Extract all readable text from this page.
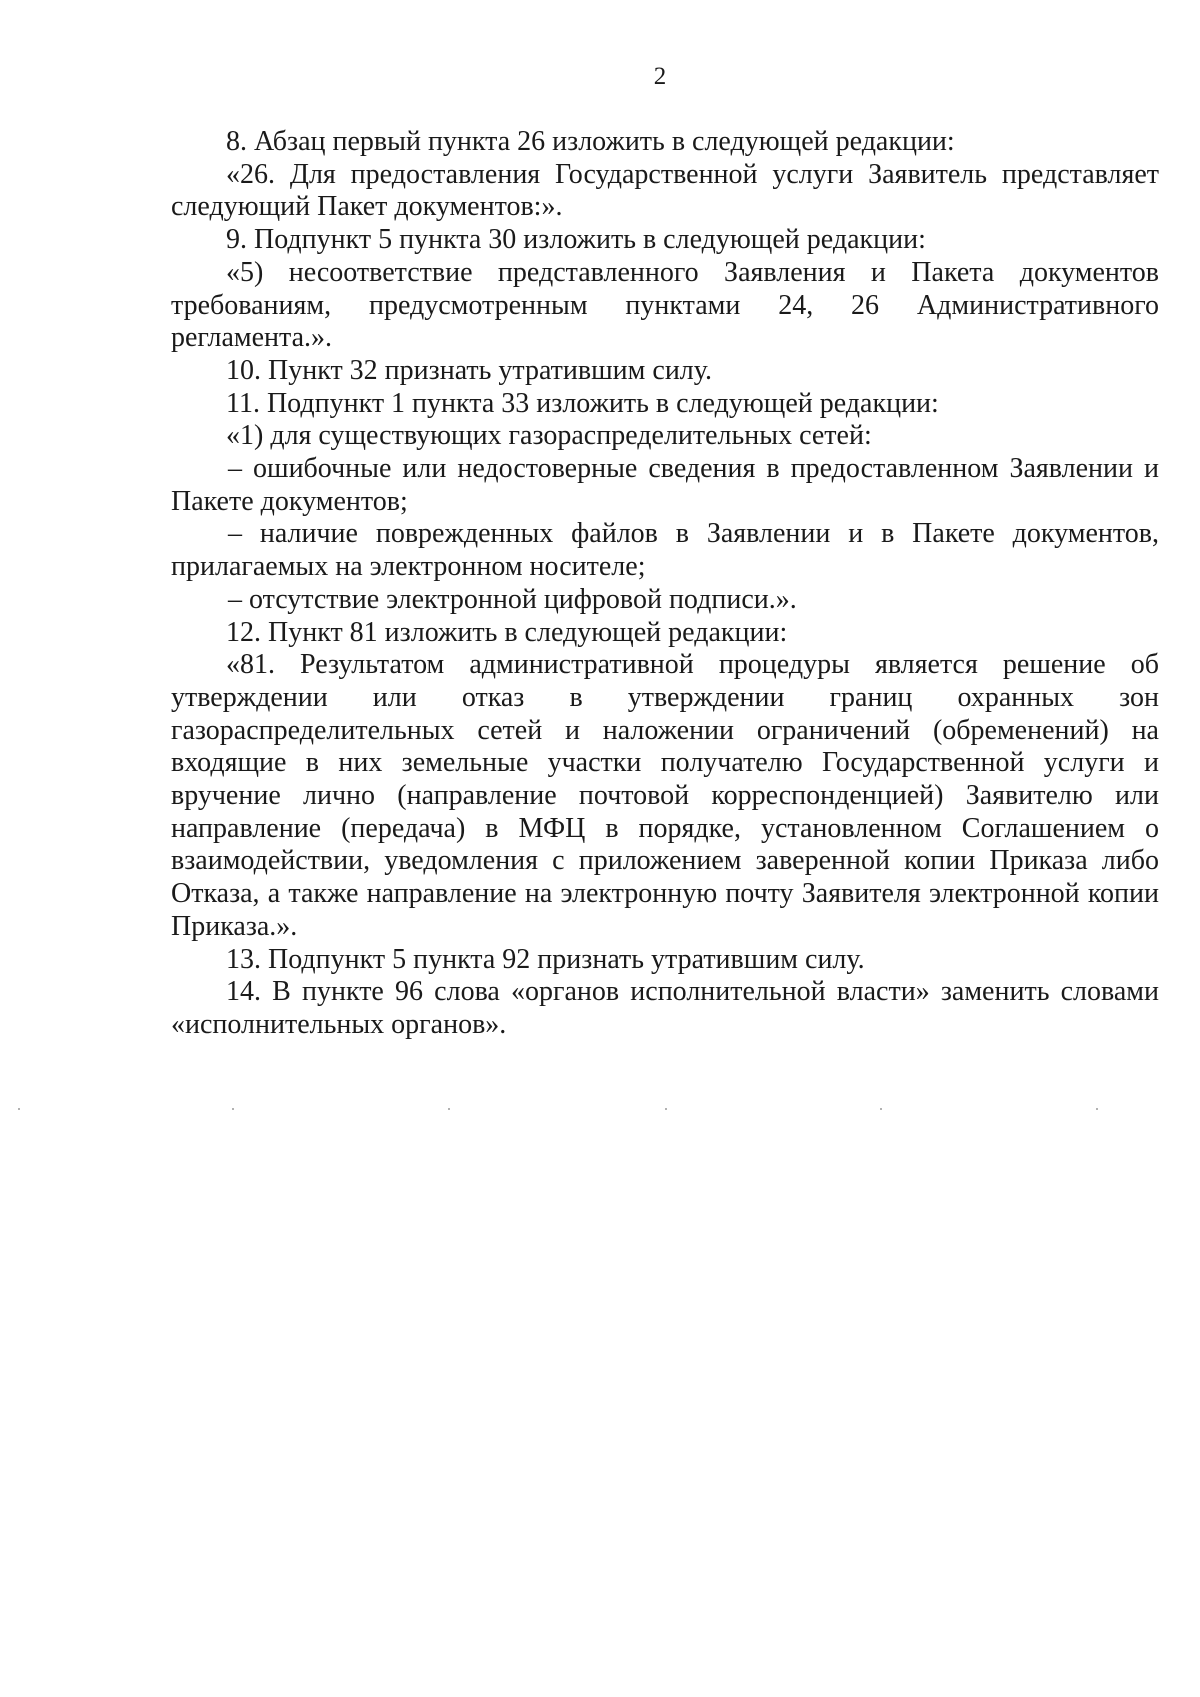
2

8. Абзац первый пункта 26 изложить в следующей редакции:

«26. Для предоставления Государственной услуги Заявитель представляет следующий Пакет документов:».

9. Подпункт 5 пункта 30 изложить в следующей редакции:

«5) несоответствие представленного Заявления и Пакета документов требованиям, предусмотренным пунктами 24, 26 Административного регламента.».

10. Пункт 32 признать утратившим силу.

11. Подпункт 1 пункта 33 изложить в следующей редакции:

«1) для существующих газораспределительных сетей:

– ошибочные или недостоверные сведения в предоставленном Заявлении и Пакете документов;

– наличие поврежденных файлов в Заявлении и в Пакете документов, прилагаемых на электронном носителе;

– отсутствие электронной цифровой подписи.».

12. Пункт 81 изложить в следующей редакции:

«81. Результатом административной процедуры является решение об утверждении или отказ в утверждении границ охранных зон газораспределительных сетей и наложении ограничений (обременений) на входящие в них земельные участки получателю Государственной услуги и вручение лично (направление почтовой корреспонденцией) Заявителю или направление (передача) в МФЦ в порядке, установленном Соглашением о взаимодействии, уведомления с приложением заверенной копии Приказа либо Отказа, а также направление на электронную почту Заявителя электронной копии Приказа.».

13. Подпункт 5 пункта 92 признать утратившим силу.

14. В пункте 96 слова «органов исполнительной власти» заменить словами «исполнительных органов».
